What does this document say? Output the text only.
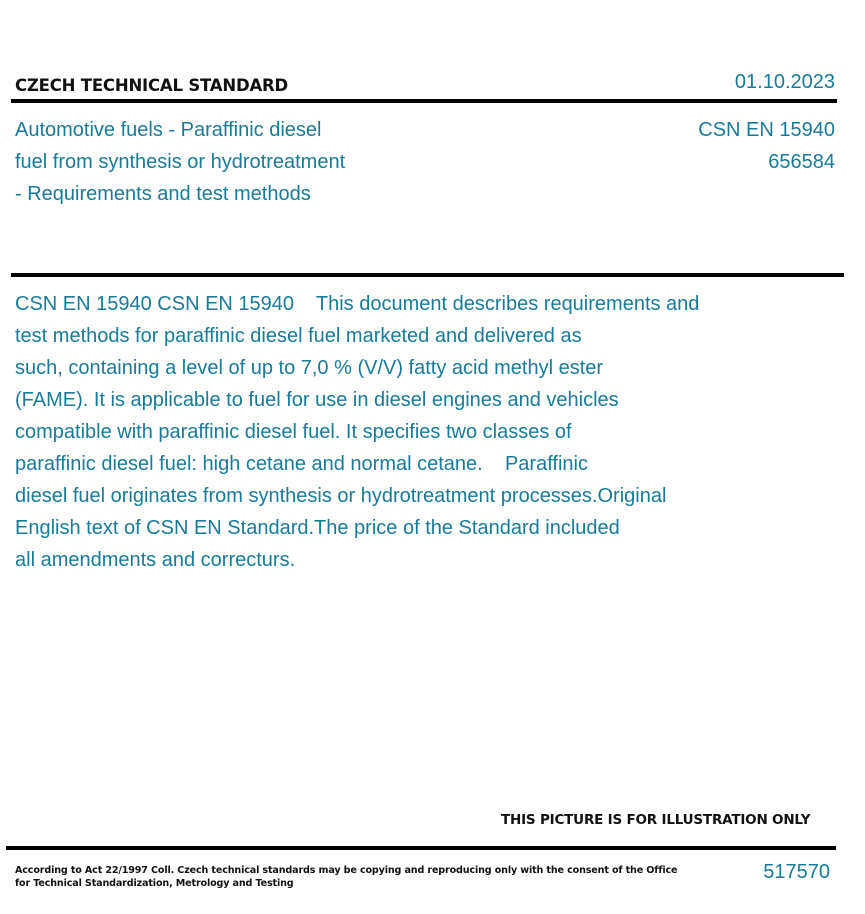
CZECH TECHNICAL STANDARD	01.10.2023
Automotive fuels - Paraffinic diesel
fuel from synthesis or hydrotreatment
- Requirements and test methods
CSN EN 15940
656584
CSN EN 15940 CSN EN 15940    This document describes requirements and
test methods for paraffinic diesel fuel marketed and delivered as
such, containing a level of up to 7,0 % (V/V) fatty acid methyl ester
(FAME). It is applicable to fuel for use in diesel engines and vehicles
compatible with paraffinic diesel fuel. It specifies two classes of
paraffinic diesel fuel: high cetane and normal cetane.    Paraffinic
diesel fuel originates from synthesis or hydrotreatment processes.Original
English text of CSN EN Standard.The price of the Standard included
all amendments and correcturs.
THIS PICTURE IS FOR ILLUSTRATION ONLY
According to Act 22/1997 Coll. Czech technical standards may be copying and reproducing only with the consent of the Office
for Technical Standardization, Metrology and Testing
517570
